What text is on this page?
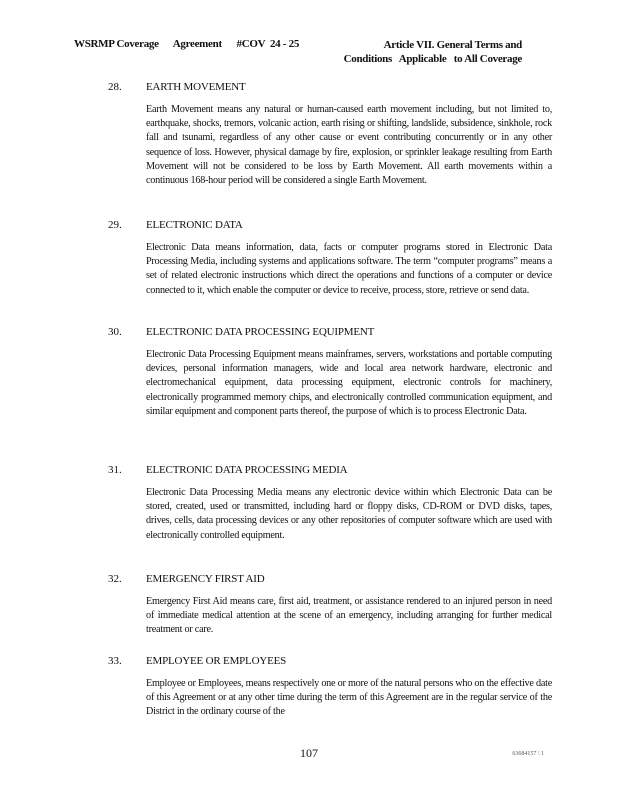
WSRMP Coverage      Agreement      #COV  24 - 25	Article VII. General Terms and
Conditions   Applicable   to All Coverage
28. EARTH MOVEMENT
Earth Movement means any natural or human-caused earth movement including, but not limited to, earthquake, shocks, tremors, volcanic action, earth rising or shifting, landslide, subsidence, sinkhole, rock fall and tsunami, regardless of any other cause or event contributing concurrently or in any other sequence of loss. However, physical damage by fire, explosion, or sprinkler leakage resulting from Earth Movement will not be considered to be loss by Earth Movement. All earth movements within a continuous 168-hour period will be considered a single Earth Movement.
29. ELECTRONIC DATA
Electronic Data means information, data, facts or computer programs stored in Electronic Data Processing Media, including systems and applications software. The term “computer programs” means a set of related electronic instructions which direct the operations and functions of a computer or device connected to it, which enable the computer or device to receive, process, store, retrieve or send data.
30. ELECTRONIC DATA PROCESSING EQUIPMENT
Electronic Data Processing Equipment means mainframes, servers, workstations and portable computing devices, personal information managers, wide and local area network hardware, electronic and electromechanical equipment, data processing equipment, electronic controls for machinery, electronically programmed memory chips, and electronically controlled communication equipment, and similar equipment and component parts thereof, the purpose of which is to process Electronic Data.
31. ELECTRONIC DATA PROCESSING MEDIA
Electronic Data Processing Media means any electronic device within which Electronic Data can be stored, created, used or transmitted, including hard or floppy disks, CD-ROM or DVD disks, tapes, drives, cells, data processing devices or any other repositories of computer software which are used with electronically controlled equipment.
32. EMERGENCY FIRST AID
Emergency First Aid means care, first aid, treatment, or assistance rendered to an injured person in need of immediate medical attention at the scene of an emergency, including arranging for further medical treatment or care.
33. EMPLOYEE OR EMPLOYEES
Employee or Employees, means respectively one or more of the natural persons who on the effective date of this Agreement or at any other time during the term of this Agreement are in the regular service of the District in the ordinary course of the
107	63684157 \ 1
